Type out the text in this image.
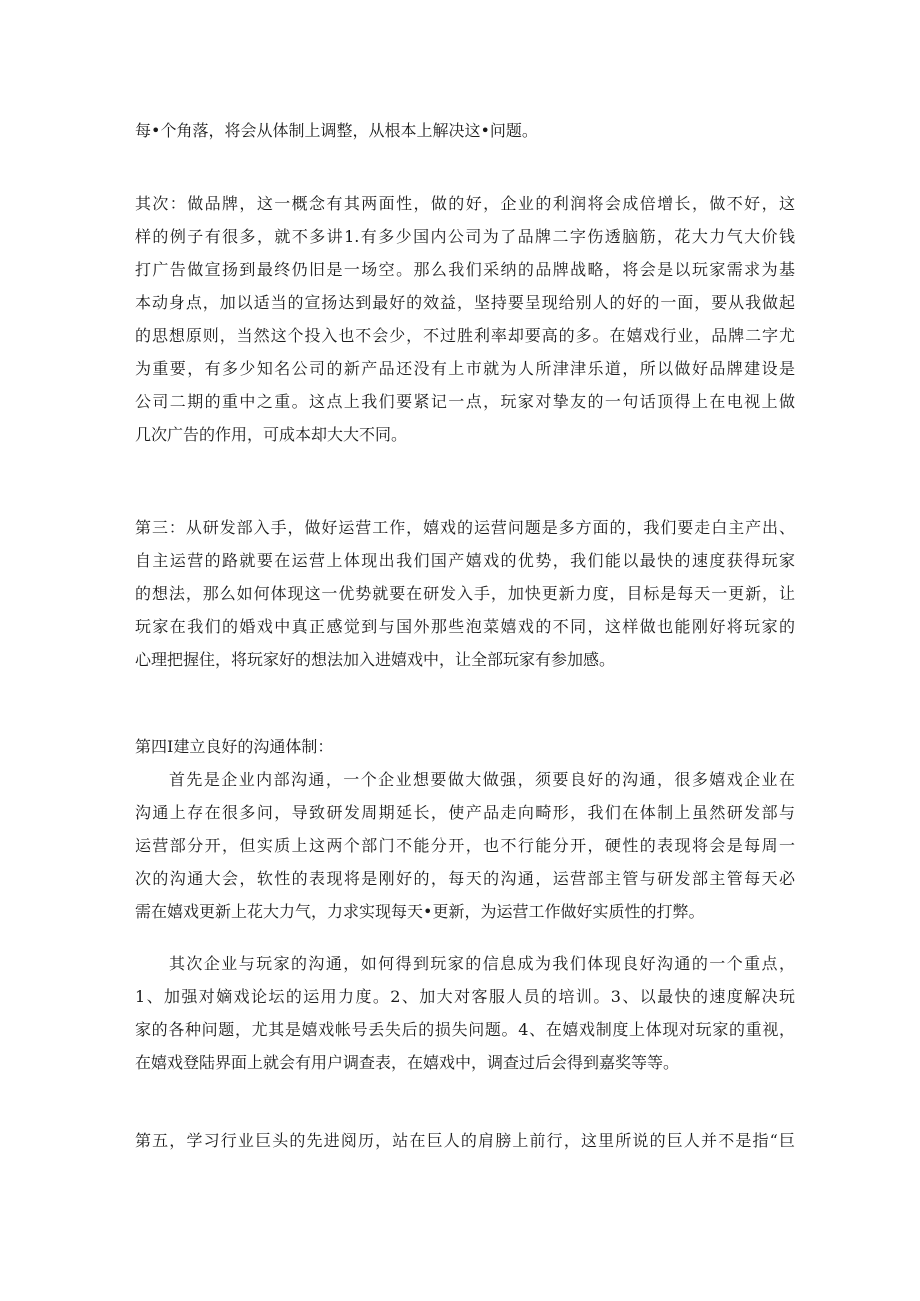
每•个角落，将会从体制上调整，从根本上解决这•问题。
其次：做品牌，这一概念有其两面性，做的好，企业的利润将会成倍增长，做不好，这
样的例子有很多，就不多讲1.有多少国内公司为了品牌二字伤透脑筋，花大力气大价钱
打广告做宣扬到最终仍旧是一场空。那么我们采纳的品牌战略，将会是以玩家需求为基
本动身点，加以适当的宣扬达到最好的效益，坚持要呈现给别人的好的一面，要从我做起
的思想原则，当然这个投入也不会少，不过胜利率却要高的多。在嬉戏行业，品牌二字尤
为重要，有多少知名公司的新产品还没有上市就为人所津津乐道，所以做好品牌建设是
公司二期的重中之重。这点上我们要紧记一点，玩家对挚友的一句话顶得上在电视上做
几次广告的作用，可成本却大大不同。
第三：从研发部入手，做好运营工作，嬉戏的运营问题是多方面的，我们要走白主产出、
自主运营的路就要在运营上体现出我们国产嬉戏的优势，我们能以最快的速度获得玩家
的想法，那么如何体现这一优势就要在研发入手，加快更新力度，目标是每天一更新，让
玩家在我们的婚戏中真正感觉到与国外那些泡菜嬉戏的不同，这样做也能刚好将玩家的
心理把握住，将玩家好的想法加入进嬉戏中，让全部玩家有参加感。
第四I建立良好的沟通体制：
首先是企业内部沟通，一个企业想要做大做强，须要良好的沟通，很多嬉戏企业在
沟通上存在很多问，导致研发周期延长，使产品走向畸形，我们在体制上虽然研发部与
运营部分开，但实质上这两个部门不能分开，也不行能分开，硬性的表现将会是每周一
次的沟通大会，软性的表现将是刚好的，每天的沟通，运营部主管与研发部主管每天必
需在嬉戏更新上花大力气，力求实现每天•更新，为运营工作做好实质性的打弊。
其次企业与玩家的沟通，如何得到玩家的信息成为我们体现良好沟通的一个重点，
1、加强对嫡戏论坛的运用力度。2、加大对客服人员的培训。3、以最快的速度解决玩
家的各种问题，尤其是嬉戏帐号丢失后的损失问题。4、在嬉戏制度上体现对玩家的重视，
在嬉戏登陆界面上就会有用户调查表，在嬉戏中，调查过后会得到嘉奖等等。
第五，学习行业巨头的先进阅历，站在巨人的肩膀上前行，这里所说的巨人并不是指“巨
